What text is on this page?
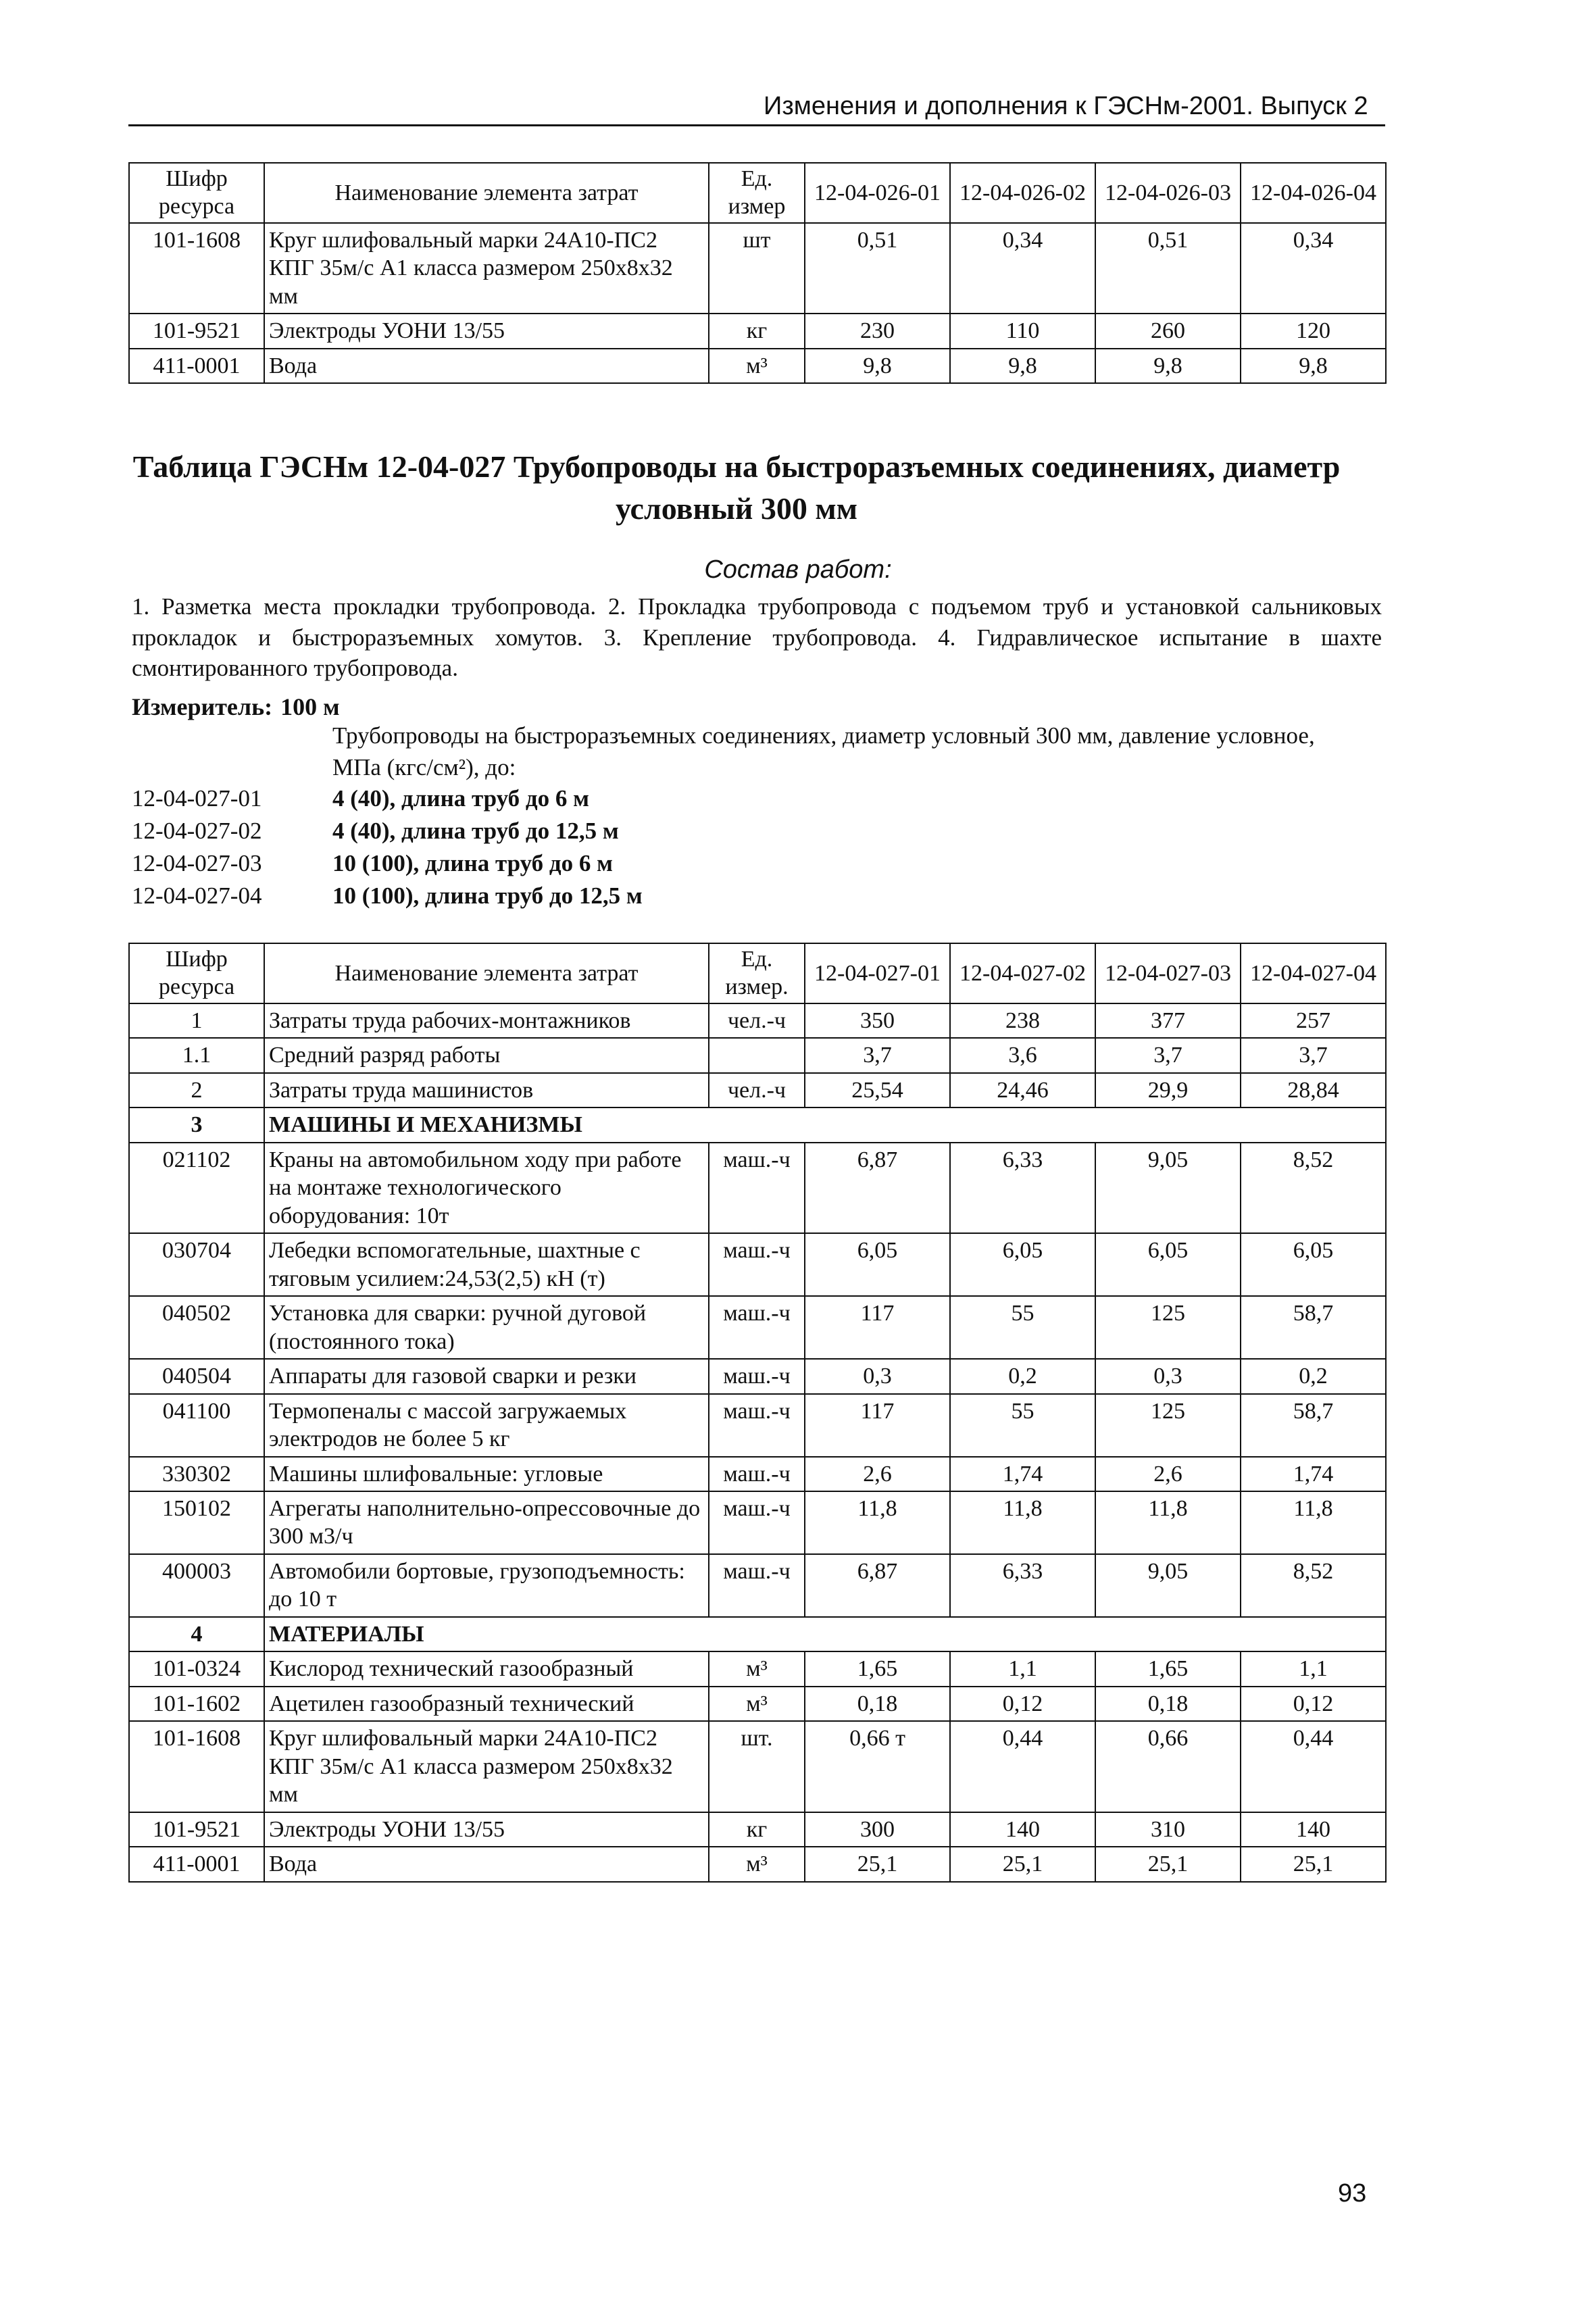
Изменения и дополнения к ГЭСНм-2001. Выпуск 2
Шифр ресурса	Наименование элемента затрат	Ед. измер	12-04-026-01	12-04-026-02	12-04-026-03	12-04-026-04
101-1608	Круг шлифовальный марки 24А10-ПС2 КПГ 35м/с А1 класса размером 250х8х32 мм	шт	0,51	0,34	0,51	0,34
101-9521	Электроды УОНИ 13/55	кг	230	110	260	120
411-0001	Вода	м³	9,8	9,8	9,8	9,8
Таблица ГЭСНм 12-04-027 Трубопроводы на быстроразъемных соединениях, диаметр условный 300 мм
Состав работ:
1. Разметка места прокладки трубопровода. 2. Прокладка трубопровода с подъемом труб и установкой сальниковых прокладок и быстроразъемных хомутов. 3. Крепление трубопровода. 4. Гидравлическое испытание в шахте смонтированного трубопровода.
Измеритель: 100 м
Трубопроводы на быстроразъемных соединениях, диаметр условный 300 мм, давление условное, МПа (кгс/см²), до:
12-04-027-01	4 (40), длина труб до 6 м
12-04-027-02	4 (40), длина труб до 12,5 м
12-04-027-03	10 (100), длина труб до 6 м
12-04-027-04	10 (100), длина труб до 12,5 м
Шифр ресурса	Наименование элемента затрат	Ед. измер.	12-04-027-01	12-04-027-02	12-04-027-03	12-04-027-04
1	Затраты труда рабочих-монтажников	чел.-ч	350	238	377	257
1.1	Средний разряд работы		3,7	3,6	3,7	3,7
2	Затраты труда машинистов	чел.-ч	25,54	24,46	29,9	28,84
3	МАШИНЫ И МЕХАНИЗМЫ					
021102	Краны на автомобильном ходу при работе на монтаже технологического оборудования: 10т	маш.-ч	6,87	6,33	9,05	8,52
030704	Лебедки вспомогательные, шахтные с тяговым усилием:24,53(2,5) кН (т)	маш.-ч	6,05	6,05	6,05	6,05
040502	Установка для сварки: ручной дуговой (постоянного тока)	маш.-ч	117	55	125	58,7
040504	Аппараты для газовой сварки и резки	маш.-ч	0,3	0,2	0,3	0,2
041100	Термопеналы с массой загружаемых электродов не более 5 кг	маш.-ч	117	55	125	58,7
330302	Машины шлифовальные: угловые	маш.-ч	2,6	1,74	2,6	1,74
150102	Агрегаты наполнительно-опрессовочные до 300 м3/ч	маш.-ч	11,8	11,8	11,8	11,8
400003	Автомобили бортовые, грузоподъемность: до 10 т	маш.-ч	6,87	6,33	9,05	8,52
4	МАТЕРИАЛЫ					
101-0324	Кислород технический газообразный	м³	1,65	1,1	1,65	1,1
101-1602	Ацетилен газообразный технический	м³	0,18	0,12	0,18	0,12
101-1608	Круг шлифовальный марки 24А10-ПС2 КПГ 35м/с А1 класса размером 250х8х32 мм	шт.	0,66 т	0,44	0,66	0,44
101-9521	Электроды УОНИ 13/55	кг	300	140	310	140
411-0001	Вода	м³	25,1	25,1	25,1	25,1
93
